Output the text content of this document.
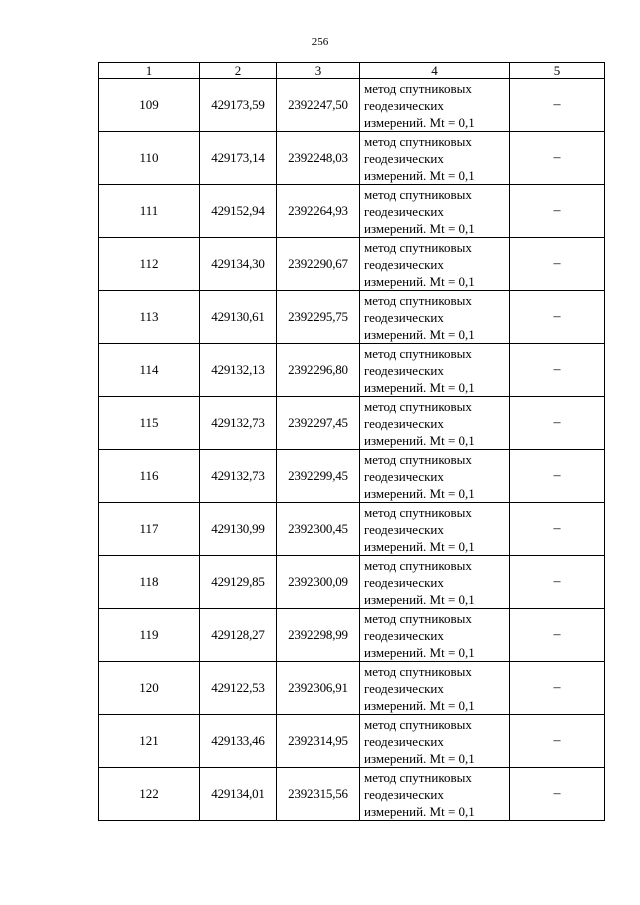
256
1	2	3	4	5
109	429173,59	2392247,50	метод спутниковых
геодезических
измерений. Mt = 0,1	–
110	429173,14	2392248,03	метод спутниковых
геодезических
измерений. Mt = 0,1	–
111	429152,94	2392264,93	метод спутниковых
геодезических
измерений. Mt = 0,1	–
112	429134,30	2392290,67	метод спутниковых
геодезических
измерений. Mt = 0,1	–
113	429130,61	2392295,75	метод спутниковых
геодезических
измерений. Mt = 0,1	–
114	429132,13	2392296,80	метод спутниковых
геодезических
измерений. Mt = 0,1	–
115	429132,73	2392297,45	метод спутниковых
геодезических
измерений. Mt = 0,1	–
116	429132,73	2392299,45	метод спутниковых
геодезических
измерений. Mt = 0,1	–
117	429130,99	2392300,45	метод спутниковых
геодезических
измерений. Mt = 0,1	–
118	429129,85	2392300,09	метод спутниковых
геодезических
измерений. Mt = 0,1	–
119	429128,27	2392298,99	метод спутниковых
геодезических
измерений. Mt = 0,1	–
120	429122,53	2392306,91	метод спутниковых
геодезических
измерений. Mt = 0,1	–
121	429133,46	2392314,95	метод спутниковых
геодезических
измерений. Mt = 0,1	–
122	429134,01	2392315,56	метод спутниковых
геодезических
измерений. Mt = 0,1	–
